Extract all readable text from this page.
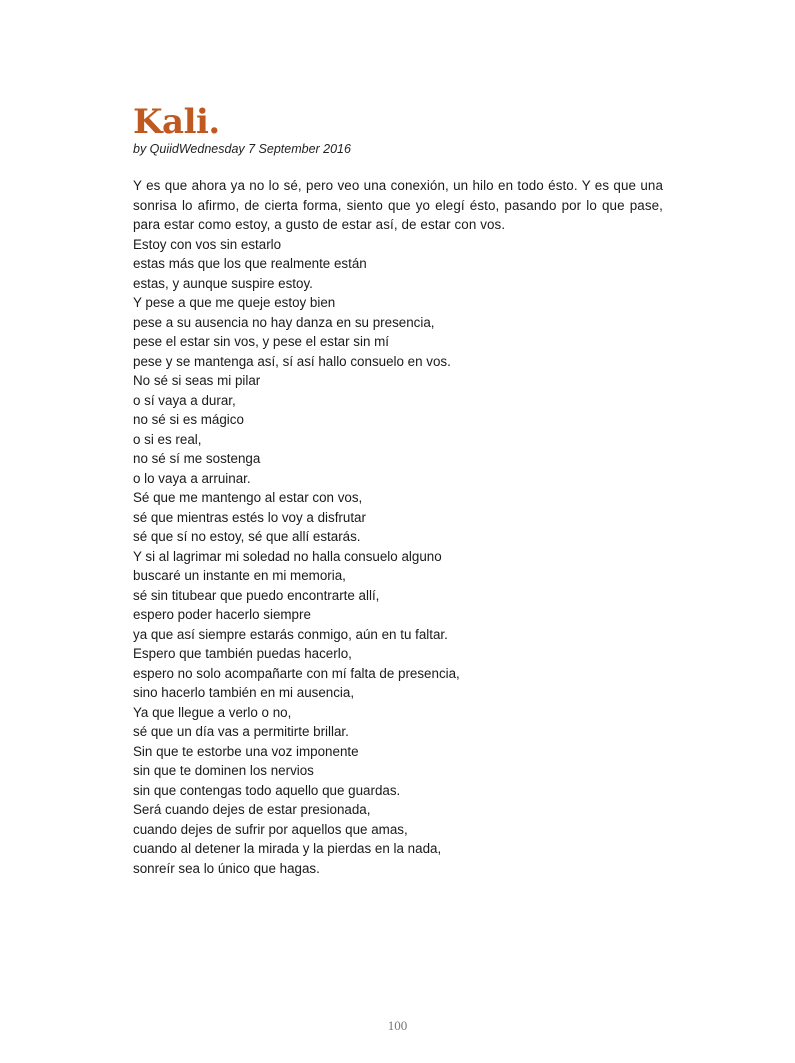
Kali.

by QuiidWednesday 7 September 2016

Y es que ahora ya no lo sé, pero veo una conexión, un hilo en todo ésto. Y es que una sonrisa lo afirmo, de cierta forma, siento que yo elegí ésto, pasando por lo que pase, para estar como estoy, a gusto de estar así, de estar con vos.

Estoy con vos sin estarlo
estas más que los que realmente están
estas, y aunque suspire estoy.
Y pese a que me queje estoy bien
pese a su ausencia no hay danza en su presencia,
pese el estar sin vos, y pese el estar sin mí
pese y se mantenga así, sí así hallo consuelo en vos.
No sé si seas mi pilar
o sí vaya a durar,
no sé si es mágico
o si es real,
no sé sí me sostenga
o lo vaya a arruinar.
Sé que me mantengo al estar con vos,
sé que mientras estés lo voy a disfrutar
sé que sí no estoy, sé que allí estarás.
Y si al lagrimar mi soledad no halla consuelo alguno
buscaré un instante en mi memoria,
sé sin titubear que puedo encontrarte allí,
espero poder hacerlo siempre
ya que así siempre estarás conmigo, aún en tu faltar.
Espero que también puedas hacerlo,
espero no solo acompañarte con mí falta de presencia,
sino hacerlo también en mi ausencia,
Ya que llegue a verlo o no,
sé que un día vas a permitirte brillar.
Sin que te estorbe una voz imponente
sin que te dominen los nervios
sin que contengas todo aquello que guardas.
Será cuando dejes de estar presionada,
cuando dejes de sufrir por aquellos que amas,
cuando al detener la mirada y la pierdas en la nada,
sonreír sea lo único que hagas.
100
